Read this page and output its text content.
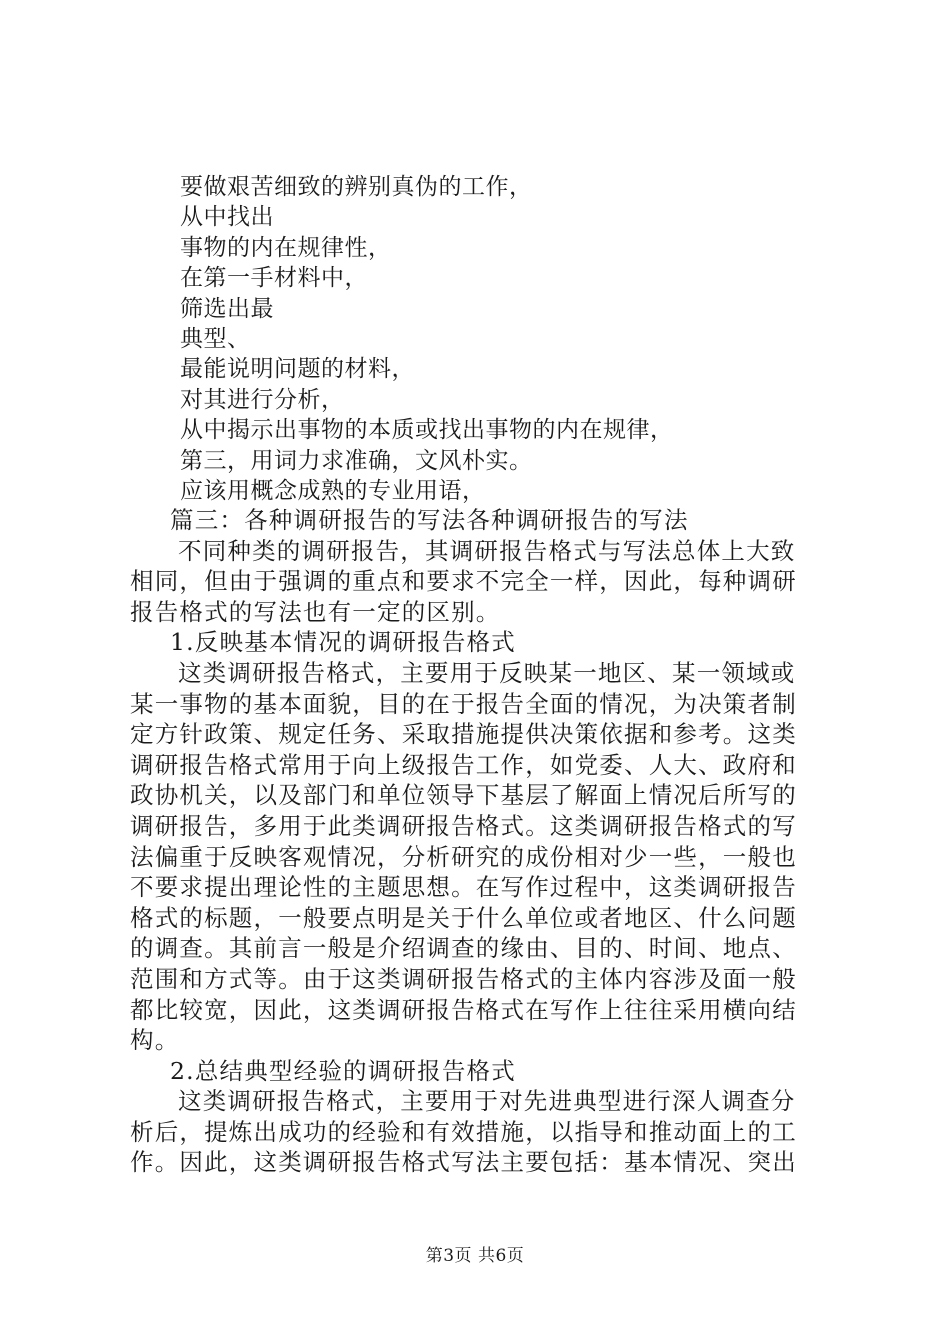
要做艰苦细致的辨别真伪的工作，
从中找出
事物的内在规律性，
在第一手材料中，
筛选出最
典型、
最能说明问题的材料，
对其进行分析，
从中揭示出事物的本质或找出事物的内在规律，
第三，用词力求准确，文风朴实。
应该用概念成熟的专业用语，
篇三：各种调研报告的写法各种调研报告的写法
不同种类的调研报告，其调研报告格式与写法总体上大致
相同，但由于强调的重点和要求不完全一样，因此，每种调研
报告格式的写法也有一定的区别。
1.反映基本情况的调研报告格式
这类调研报告格式，主要用于反映某一地区、某一领域或
某一事物的基本面貌，目的在于报告全面的情况，为决策者制
定方针政策、规定任务、采取措施提供决策依据和参考。这类
调研报告格式常用于向上级报告工作，如党委、人大、政府和
政协机关，以及部门和单位领导下基层了解面上情况后所写的
调研报告，多用于此类调研报告格式。这类调研报告格式的写
法偏重于反映客观情况，分析研究的成份相对少一些，一般也
不要求提出理论性的主题思想。在写作过程中，这类调研报告
格式的标题，一般要点明是关于什么单位或者地区、什么问题
的调查。其前言一般是介绍调查的缘由、目的、时间、地点、
范围和方式等。由于这类调研报告格式的主体内容涉及面一般
都比较宽，因此，这类调研报告格式在写作上往往采用横向结
构。
2.总结典型经验的调研报告格式
这类调研报告格式，主要用于对先进典型进行深人调查分
析后，提炼出成功的经验和有效措施，以指导和推动面上的工
作。因此，这类调研报告格式写法主要包括：基本情况、突出
第3页 共6页
